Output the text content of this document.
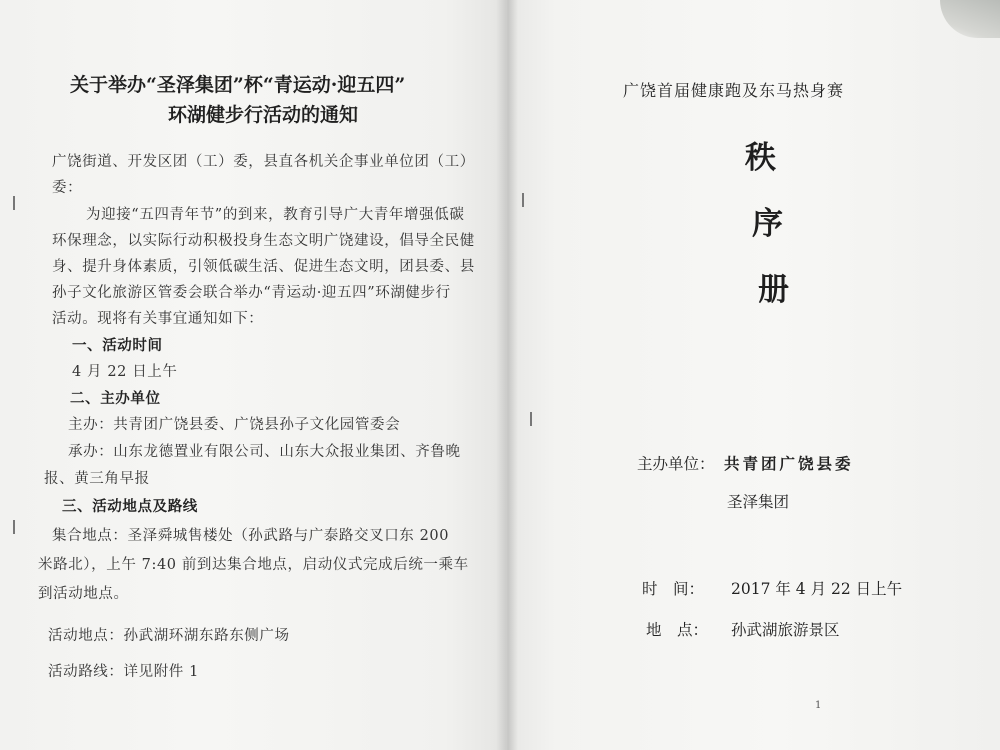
关于举办“圣泽集团”杯“青运动·迎五四”
环湖健步行活动的通知
广饶街道、开发区团（工）委，县直各机关企事业单位团（工）
委：
为迎接“五四青年节”的到来，教育引导广大青年增强低碳
环保理念，以实际行动积极投身生态文明广饶建设，倡导全民健
身、提升身体素质，引领低碳生活、促进生态文明，团县委、县
孙子文化旅游区管委会联合举办“青运动·迎五四”环湖健步行
活动。现将有关事宜通知如下：
一、活动时间
4 月 22 日上午
二、主办单位
主办：共青团广饶县委、广饶县孙子文化园管委会
承办：山东龙德置业有限公司、山东大众报业集团、齐鲁晚
报、黄三角早报
三、活动地点及路线
集合地点：圣泽舜城售楼处（孙武路与广泰路交叉口东 200
米路北），上午 7:40 前到达集合地点，启动仪式完成后统一乘车
到活动地点。
活动地点：孙武湖环湖东路东侧广场
活动路线：详见附件 1
广饶首届健康跑及东马热身赛
秩
序
册
主办单位： 共青团广饶县委
圣泽集团
时　间： 2017 年 4 月 22 日上午
地　点： 孙武湖旅游景区
1
